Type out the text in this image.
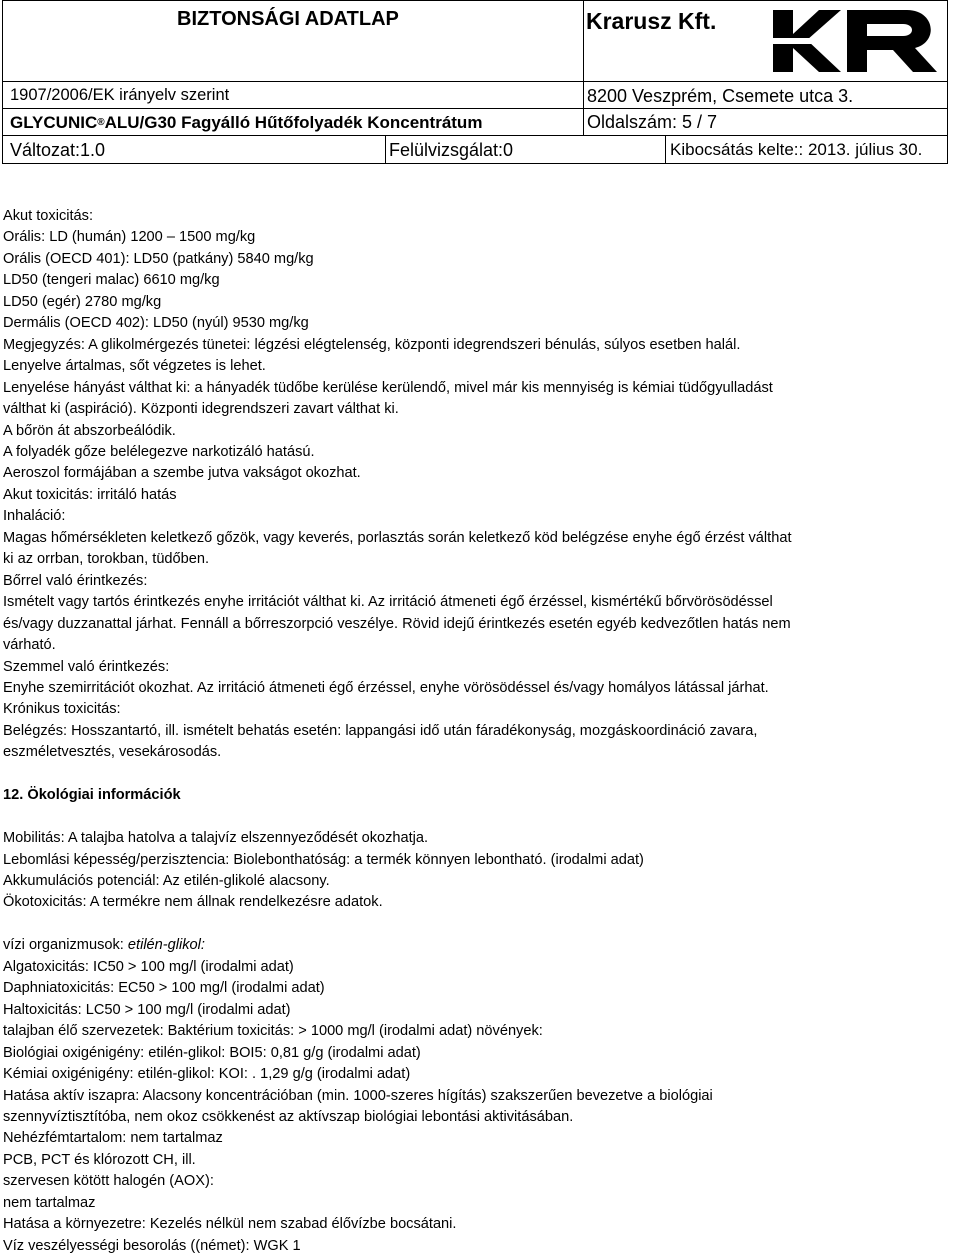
BIZTONSÁGI ADATLAP	Krarusz Kft.
1907/2006/EK irányelv szerint	8200 Veszprém, Csemete utca 3.
GLYCUNIC ® ALU/G30 Fagyálló Hűtőfolyadék Koncentrátum	Oldalszám: 5 / 7
Változat:1.0	Felülvizsgálat:0	Kibocsátás kelte:: 2013. július 30.
Akut toxicitás:
Orális: LD (humán) 1200 – 1500 mg/kg
Orális (OECD 401): LD50 (patkány) 5840 mg/kg
LD50 (tengeri malac) 6610 mg/kg
LD50 (egér) 2780 mg/kg
Dermális (OECD 402): LD50 (nyúl) 9530 mg/kg
Megjegyzés: A glikolmérgezés tünetei: légzési elégtelenség, központi idegrendszeri bénulás, súlyos esetben halál.
Lenyelve ártalmas, sőt végzetes is lehet.
Lenyelése hányást válthat ki: a hányadék tüdőbe kerülése kerülendő, mivel már kis mennyiség is kémiai tüdőgyulladást
válthat ki (aspiráció). Központi idegrendszeri zavart válthat ki.
A bőrön át abszorbeálódik.
A folyadék gőze belélegezve narkotizáló hatású.
Aeroszol formájában a szembe jutva vakságot okozhat.
Akut toxicitás: irritáló hatás
Inhaláció:
Magas hőmérsékleten keletkező gőzök, vagy keverés, porlasztás során keletkező köd belégzése enyhe égő érzést válthat
ki az orrban, torokban, tüdőben.
Bőrrel való érintkezés:
Ismételt vagy tartós érintkezés enyhe irritációt válthat ki. Az irritáció átmeneti égő érzéssel, kismértékű bőrvörösödéssel
és/vagy duzzanattal járhat. Fennáll a bőrreszorpció veszélye. Rövid idejű érintkezés esetén egyéb kedvezőtlen hatás nem
várható.
Szemmel való érintkezés:
Enyhe szemirritációt okozhat. Az irritáció átmeneti égő érzéssel, enyhe vörösödéssel és/vagy homályos látással járhat.
Krónikus toxicitás:
Belégzés: Hosszantartó, ill. ismételt behatás esetén: lappangási idő után fáradékonyság, mozgáskoordináció zavara,
eszméletvesztés, vesekárosodás.
12. Ökológiai információk
Mobilitás: A talajba hatolva a talajvíz elszennyeződését okozhatja.
Lebomlási képesség/perzisztencia: Biolebonthatóság: a termék könnyen lebontható. (irodalmi adat)
Akkumulációs potenciál: Az etilén-glikolé alacsony.
Ökotoxicitás: A termékre nem állnak rendelkezésre adatok.
vízi organizmusok: etilén-glikol:
Algatoxicitás: IC50 > 100 mg/l (irodalmi adat)
Daphniatoxicitás: EC50 > 100 mg/l (irodalmi adat)
Haltoxicitás: LC50 > 100 mg/l (irodalmi adat)
talajban élő szervezetek: Baktérium toxicitás: > 1000 mg/l (irodalmi adat) növények:
Biológiai oxigénigény: etilén-glikol: BOI5: 0,81 g/g (irodalmi adat)
Kémiai oxigénigény: etilén-glikol: KOI: . 1,29 g/g (irodalmi adat)
Hatása aktív iszapra: Alacsony koncentrációban (min. 1000-szeres hígítás) szakszerűen bevezetve a biológiai
szennyvíztisztítóba, nem okoz csökkenést az aktívszap biológiai lebontási aktivitásában.
Nehézfémtartalom: nem tartalmaz
PCB, PCT és klórozott CH, ill.
szervesen kötött halogén (AOX):
nem tartalmaz
Hatása a környezetre: Kezelés nélkül nem szabad élővízbe bocsátani.
Víz veszélyességi besorolás ((német): WGK 1
